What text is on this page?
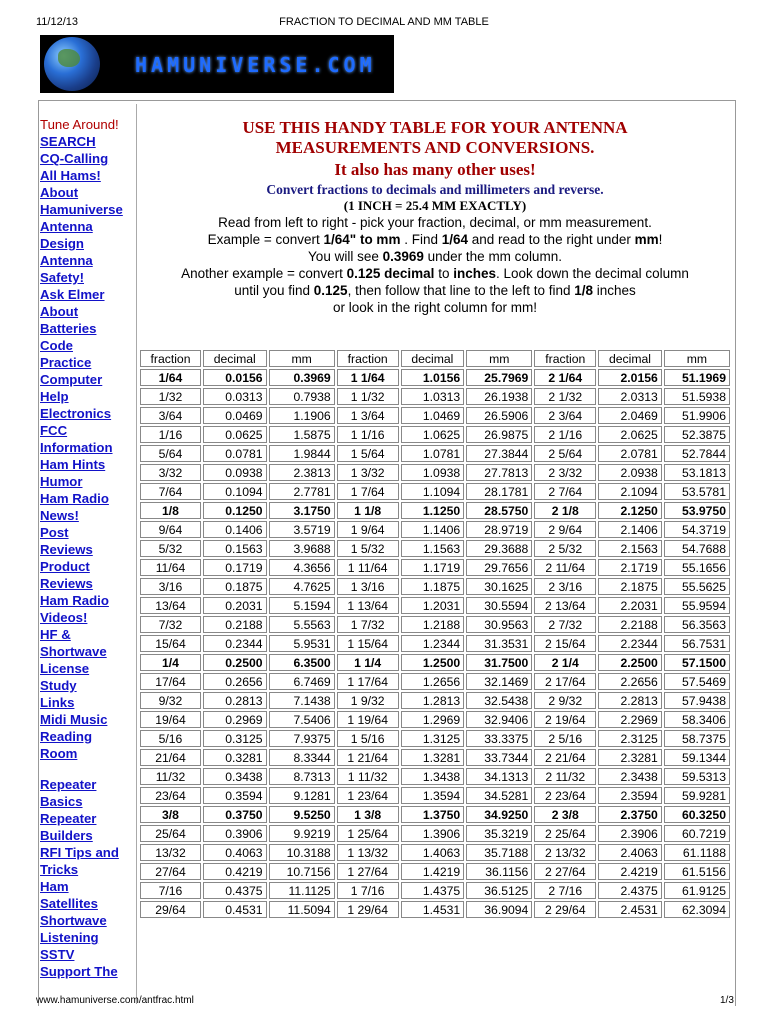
11/12/13	FRACTION TO DECIMAL AND MM TABLE
HAMUNIVERSE.COM
Tune Around!
SEARCH
CQ-Calling
All Hams!
About
Hamuniverse
Antenna
Design
Antenna
Safety!
Ask Elmer
About
Batteries
Code
Practice
Computer
Help
Electronics
FCC
Information
Ham Hints
Humor
Ham Radio
News!
Post
Reviews
Product
Reviews
Ham Radio
Videos!
HF &
Shortwave
License
Study
Links
Midi Music
Reading
Room
Repeater
Basics
Repeater
Builders
RFI Tips and
Tricks
Ham
Satellites
Shortwave
Listening
SSTV
Support The
USE THIS HANDY TABLE FOR YOUR ANTENNA
MEASUREMENTS AND CONVERSIONS.
It also has many other uses!
Convert fractions to decimals and millimeters and reverse.
(1 INCH = 25.4 MM EXACTLY)
Read from left to right - pick your fraction, decimal, or mm measurement.
Example = convert 1/64" to mm . Find 1/64 and read to the right under mm!
You will see 0.3969 under the mm column.
Another example = convert 0.125 decimal to inches. Look down the decimal column
until you find 0.125, then follow that line to the left to find 1/8 inches
or look in the right column for mm!
fraction	decimal	mm	fraction	decimal	mm	fraction	decimal	mm
1/64	0.0156	0.3969	1 1/64	1.0156	25.7969	2 1/64	2.0156	51.1969
1/32	0.0313	0.7938	1 1/32	1.0313	26.1938	2 1/32	2.0313	51.5938
3/64	0.0469	1.1906	1 3/64	1.0469	26.5906	2 3/64	2.0469	51.9906
1/16	0.0625	1.5875	1 1/16	1.0625	26.9875	2 1/16	2.0625	52.3875
5/64	0.0781	1.9844	1 5/64	1.0781	27.3844	2 5/64	2.0781	52.7844
3/32	0.0938	2.3813	1 3/32	1.0938	27.7813	2 3/32	2.0938	53.1813
7/64	0.1094	2.7781	1 7/64	1.1094	28.1781	2 7/64	2.1094	53.5781
1/8	0.1250	3.1750	1 1/8	1.1250	28.5750	2 1/8	2.1250	53.9750
9/64	0.1406	3.5719	1 9/64	1.1406	28.9719	2 9/64	2.1406	54.3719
5/32	0.1563	3.9688	1 5/32	1.1563	29.3688	2 5/32	2.1563	54.7688
11/64	0.1719	4.3656	1 11/64	1.1719	29.7656	2 11/64	2.1719	55.1656
3/16	0.1875	4.7625	1 3/16	1.1875	30.1625	2 3/16	2.1875	55.5625
13/64	0.2031	5.1594	1 13/64	1.2031	30.5594	2 13/64	2.2031	55.9594
7/32	0.2188	5.5563	1 7/32	1.2188	30.9563	2 7/32	2.2188	56.3563
15/64	0.2344	5.9531	1 15/64	1.2344	31.3531	2 15/64	2.2344	56.7531
1/4	0.2500	6.3500	1 1/4	1.2500	31.7500	2 1/4	2.2500	57.1500
17/64	0.2656	6.7469	1 17/64	1.2656	32.1469	2 17/64	2.2656	57.5469
9/32	0.2813	7.1438	1 9/32	1.2813	32.5438	2 9/32	2.2813	57.9438
19/64	0.2969	7.5406	1 19/64	1.2969	32.9406	2 19/64	2.2969	58.3406
5/16	0.3125	7.9375	1 5/16	1.3125	33.3375	2 5/16	2.3125	58.7375
21/64	0.3281	8.3344	1 21/64	1.3281	33.7344	2 21/64	2.3281	59.1344
11/32	0.3438	8.7313	1 11/32	1.3438	34.1313	2 11/32	2.3438	59.5313
23/64	0.3594	9.1281	1 23/64	1.3594	34.5281	2 23/64	2.3594	59.9281
3/8	0.3750	9.5250	1 3/8	1.3750	34.9250	2 3/8	2.3750	60.3250
25/64	0.3906	9.9219	1 25/64	1.3906	35.3219	2 25/64	2.3906	60.7219
13/32	0.4063	10.3188	1 13/32	1.4063	35.7188	2 13/32	2.4063	61.1188
27/64	0.4219	10.7156	1 27/64	1.4219	36.1156	2 27/64	2.4219	61.5156
7/16	0.4375	11.1125	1 7/16	1.4375	36.5125	2 7/16	2.4375	61.9125
29/64	0.4531	11.5094	1 29/64	1.4531	36.9094	2 29/64	2.4531	62.3094
www.hamuniverse.com/antfrac.html	1/3
